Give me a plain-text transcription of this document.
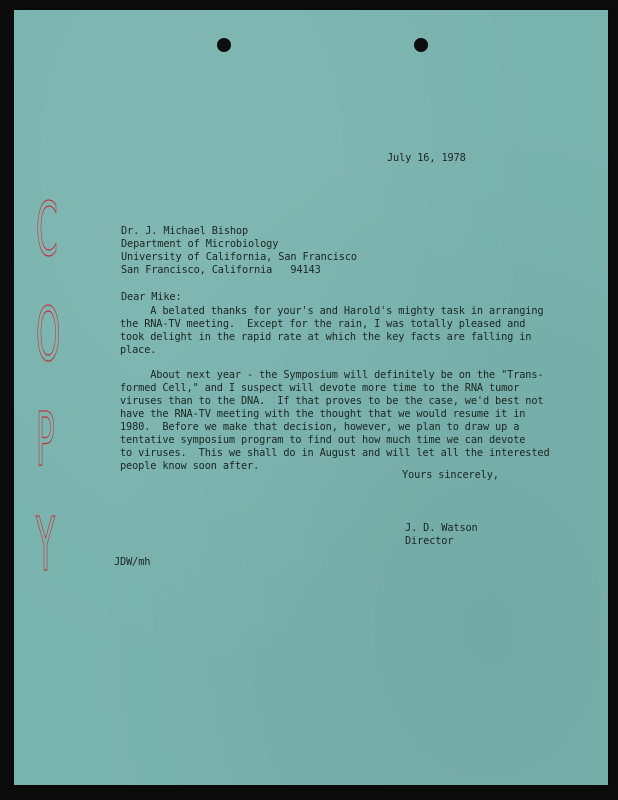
C
O
P
Y

July 16, 1978

Dr. J. Michael Bishop

Department of Microbiology

University of California, San Francisco

San Francisco, California   94143

Dear Mike:

A belated thanks for your's and Harold's mighty task in arranging

the RNA-TV meeting.  Except for the rain, I was totally pleased and

took delight in the rapid rate at which the key facts are falling in

place.

About next year - the Symposium will definitely be on the "Trans-

formed Cell," and I suspect will devote more time to the RNA tumor

viruses than to the DNA.  If that proves to be the case, we'd best not

have the RNA-TV meeting with the thought that we would resume it in

1980.  Before we make that decision, however, we plan to draw up a

tentative symposium program to find out how much time we can devote

to viruses.  This we shall do in August and will let all the interested

people know soon after.

Yours sincerely,

J. D. Watson

Director

JDW/mh
